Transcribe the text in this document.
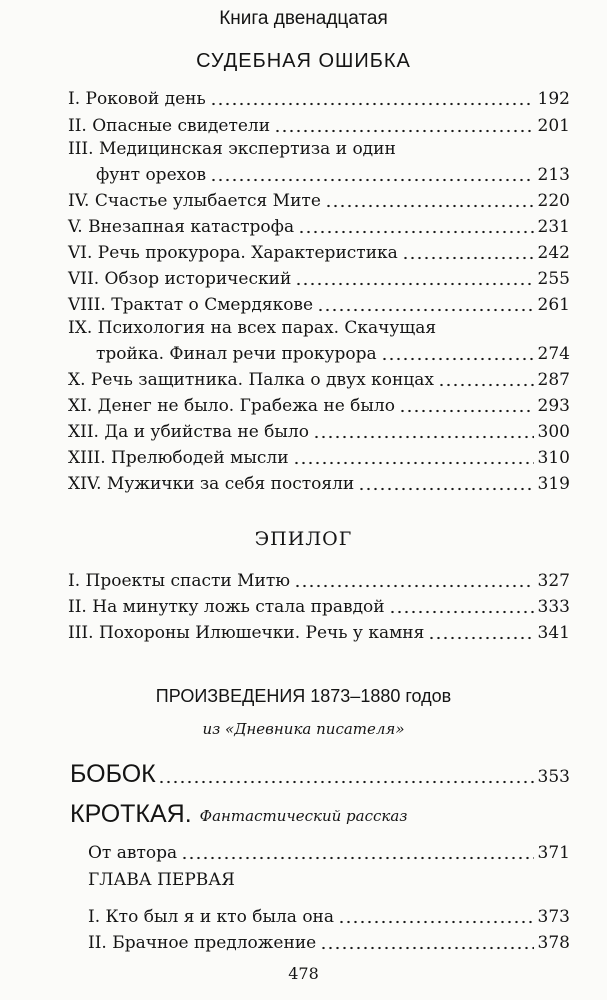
Книга двенадцатая
СУДЕБНАЯ ОШИБКА
I. Роковой день	192
II. Опасные свидетели	201
III. Медицинская экспертиза и один
фунт орехов	213
IV. Счастье улыбается Мите	220
V. Внезапная катастрофа	231
VI. Речь прокурора. Характеристика	242
VII. Обзор исторический	255
VIII. Трактат о Смердякове	261
IX. Психология на всех парах. Скачущая
тройка. Финал речи прокурора	274
X. Речь защитника. Палка о двух концах	287
XI. Денег не было. Грабежа не было	293
XII. Да и убийства не было	300
XIII. Прелюбодей мысли	310
XIV. Мужички за себя постояли	319
ЭПИЛОГ
I. Проекты спасти Митю	327
II. На минутку ложь стала правдой	333
III. Похороны Илюшечки. Речь у камня	341
ПРОИЗВЕДЕНИЯ 1873–1880 годов
из «Дневника писателя»
БОБОК	353
КРОТКАЯ. Фантастический рассказ
От автора	371
ГЛАВА ПЕРВАЯ
I. Кто был я и кто была она	373
II. Брачное предложение	378
478
